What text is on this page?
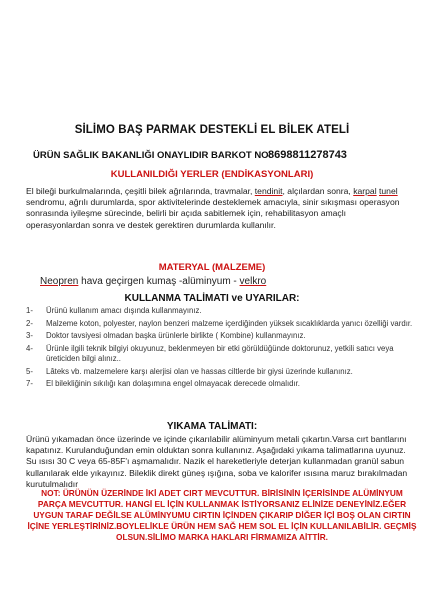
SİLİMO BAŞ PARMAK DESTEKLİ EL BİLEK ATELİ
ÜRÜN SAĞLIK BAKANLIĞI ONAYLIDIR BARKOT NO:
8698811278743
KULLANILDIĞI YERLER (ENDİKASYONLARI)
El bileği burkulmalarında, çeşitli bilek ağrılarında, travmalar, tendinit, alçılardan sonra, karpal tunel sendromu, ağrılı durumlarda, spor aktivitelerinde desteklemek amacıyla, sinir sıkışması operasyon sonrasında iyileşme sürecinde, belirli bir açıda sabitlemek için, rehabilitasyon amaçlı operasyonlardan sonra ve destek gerektiren durumlarda kullanılır.
MATERYAL (MALZEME)
Neopren hava geçirgen kumaş -alüminyum - velkro
KULLANMA TALİMATI ve UYARILAR:
1-	Ürünü kullanım amacı dışında kullanmayınız.
2-	Malzeme koton, polyester, naylon benzeri malzeme içerdiğinden yüksek sıcaklıklarda yanıcı özelliği vardır.
3-	Doktor tavsiyesi olmadan başka ürünlerle birlikte ( Kombine) kullanmayınız.
4-	Ürünle ilgili teknik bilgiyi okuyunuz, beklenmeyen bir etki görüldüğünde doktorunuz, yetkili satıcı veya üreticiden bilgi alınız..
5-	Lâteks vb. malzemelere karşı alerjisi olan ve hassas ciltlerde bir giysi üzerinde kullanınız.
7-	El bilekliğinin sıkılığı kan dolaşımına engel olmayacak derecede olmalıdır.
YIKAMA TALİMATI:
Ürünü yıkamadan önce üzerinde ve içinde çıkarılabilir alüminyum metali çıkartın.Varsa cırt bantlarını kapatınız. Kurulanduğundan emin olduktan sonra kullanınız. Aşağıdaki yıkama talimatlarına uyunuz. Su ısısı 30 C veya 65-85F'ı aşmamalıdır. Nazik el hareketleriyle deterjan kullanmadan granül sabun kullanılarak elde yıkayınız. Bileklik direkt güneş ışığına, soba ve kalorifer ısısına maruz bırakılmadan kurutulmalıdır
NOT: ÜRÜNÜN ÜZERİNDE İKİ ADET CIRT MEVCUTTUR. BİRİSİNİN İÇERİSİNDE ALÜMİNYUM PARÇA MEVCUTTUR. HANGİ EL İÇİN KULLANMAK İSTİYORSANIZ ELİNİZE DENEYİNİZ.EĞER UYGUN TARAF DEĞİLSE ALÜMİNYUMU CIRTIN İÇİNDEN ÇIKARIP DİĞER İÇİ BOŞ OLAN CIRTIN İÇİNE YERLEŞTİRİNİZ.BOYLELİKLE ÜRÜN HEM SAĞ HEM SOL EL İÇİN KULLANILABİLİR. GEÇMİŞ OLSUN.SİLİMO MARKA HAKLARI FİRMAMIZA AİTTİR.
